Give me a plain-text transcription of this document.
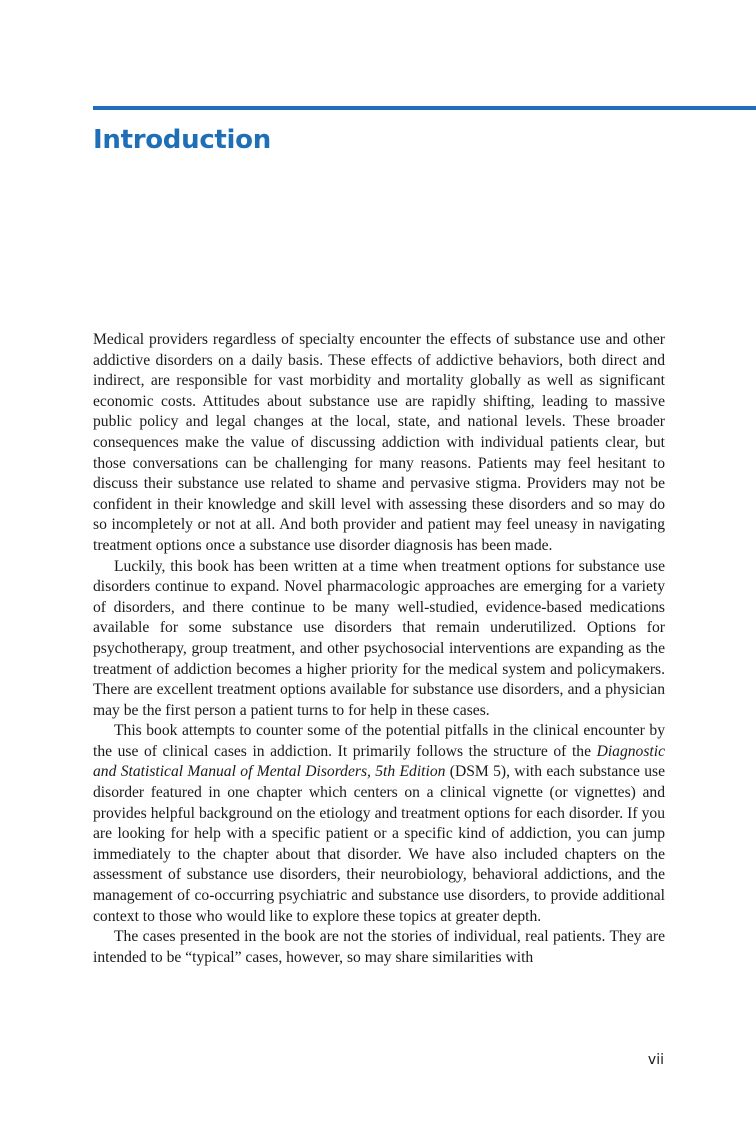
Introduction

Medical providers regardless of specialty encounter the effects of substance use and other addictive disorders on a daily basis. These effects of addictive behaviors, both direct and indirect, are responsible for vast morbidity and mortality globally as well as significant economic costs. Attitudes about substance use are rapidly shifting, leading to massive public policy and legal changes at the local, state, and national levels. These broader consequences make the value of discussing addiction with individual patients clear, but those conversations can be challenging for many reasons. Patients may feel hesitant to discuss their substance use related to shame and pervasive stigma. Providers may not be confident in their knowledge and skill level with assessing these disorders and so may do so incompletely or not at all. And both provider and patient may feel uneasy in navigating treatment options once a substance use disorder diagnosis has been made.

Luckily, this book has been written at a time when treatment options for substance use disorders continue to expand. Novel pharmacologic approaches are emerging for a variety of disorders, and there continue to be many well-studied, evidence-based medications available for some substance use disorders that remain underutilized. Options for psychotherapy, group treatment, and other psychosocial interventions are expanding as the treatment of addiction becomes a higher priority for the medical system and policymakers. There are excellent treatment options available for substance use disorders, and a physician may be the first person a patient turns to for help in these cases.

This book attempts to counter some of the potential pitfalls in the clinical encounter by the use of clinical cases in addiction. It primarily follows the structure of the Diagnostic and Statistical Manual of Mental Disorders, 5th Edition (DSM 5), with each substance use disorder featured in one chapter which centers on a clinical vignette (or vignettes) and provides helpful background on the etiology and treatment options for each disorder. If you are looking for help with a specific patient or a specific kind of addiction, you can jump immediately to the chapter about that disorder. We have also included chapters on the assessment of substance use disorders, their neurobiology, behavioral addictions, and the management of co-occurring psychiatric and substance use disorders, to provide additional context to those who would like to explore these topics at greater depth.

The cases presented in the book are not the stories of individual, real patients. They are intended to be “typical” cases, however, so may share similarities with

vii
